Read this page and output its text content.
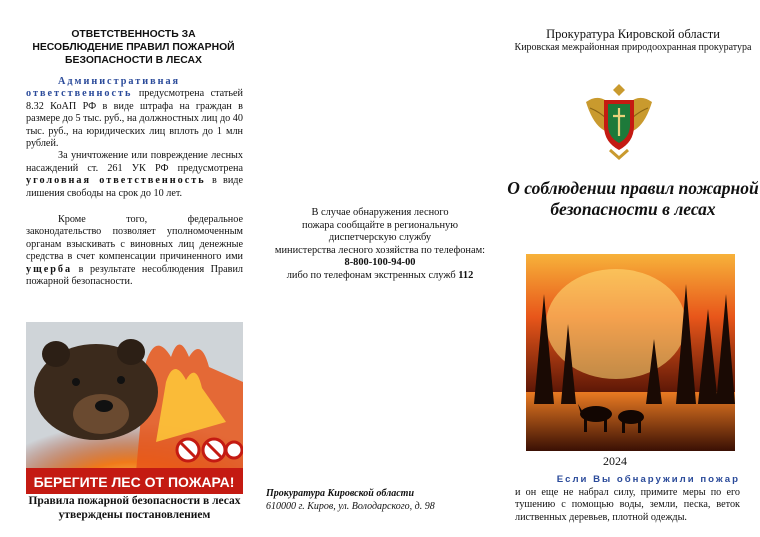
ОТВЕТСТВЕННОСТЬ ЗА НЕСОБЛЮДЕНИЕ ПРАВИЛ ПОЖАРНОЙ БЕЗОПАСНОСТИ В ЛЕСАХ

Административная ответственность предусмотрена статьей 8.32 КоАП РФ в виде штрафа на граждан в размере до 5 тыс. руб., на должностных лиц до 40 тыс. руб., на юридических лиц вплоть до 1 млн рублей.

За уничтожение или повреждение лесных насаждений ст. 261 УК РФ предусмотрена уголовная ответственность в виде лишения свободы на срок до 10 лет.

Кроме того, федеральное законодательство позволяет уполномоченным органам взыскивать с виновных лиц денежные средства в счет компенсации причиненного ими ущерба в результате несоблюдения Правил пожарной безопасности.

БЕРЕГИТЕ ЛЕС ОТ ПОЖАРА!
Правила пожарной безопасности в лесах утверждены постановлением
В случае обнаружения лесного
пожара сообщайте в региональную
диспетчерскую службу
министерства лесного хозяйства по телефонам:
8-800-100-94-00
либо по телефонам экстренных служб 112
Прокуратура Кировской области
610000 г. Киров, ул. Володарского, д. 98
Прокуратура Кировской области
Кировская межрайонная природоохранная прокуратура
О соблюдении правил пожарной безопасности в лесах
2024
Если Вы обнаружили пожар
и он еще не набрал силу, примите меры по его тушению с помощью воды, земли, песка, веток лиственных деревьев, плотной одежды.
